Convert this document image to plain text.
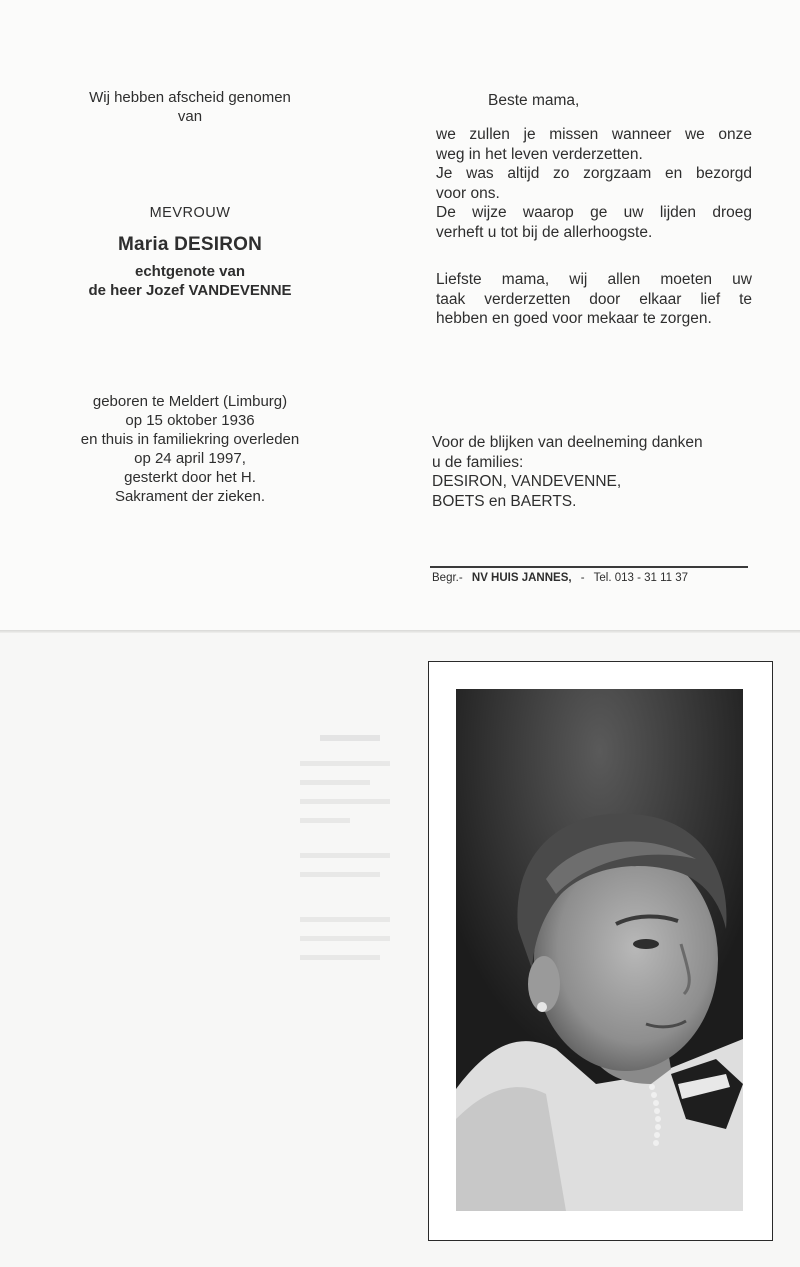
Wij hebben afscheid genomen
van
MEVROUW
Maria DESIRON
echtgenote van
de heer Jozef VANDEVENNE
geboren te Meldert (Limburg)
op 15 oktober 1936
en thuis in familiekring overleden
op 24 april 1997,
gesterkt door het H.
Sakrament der zieken.
Beste mama,
we zullen je missen wanneer we onze
weg in het leven verderzetten.
Je was altijd zo zorgzaam en bezorgd
voor ons.
De wijze waarop ge uw lijden droeg
verheft u tot bij de allerhoogste.
Liefste mama, wij allen moeten uw
taak verderzetten door elkaar lief te
hebben en goed voor mekaar te zorgen.
Voor de blijken van deelneming danken
u de families:
DESIRON, VANDEVENNE,
BOETS en BAERTS.
Begr.- NV HUIS JANNES, - Tel. 013 - 31 11 37
